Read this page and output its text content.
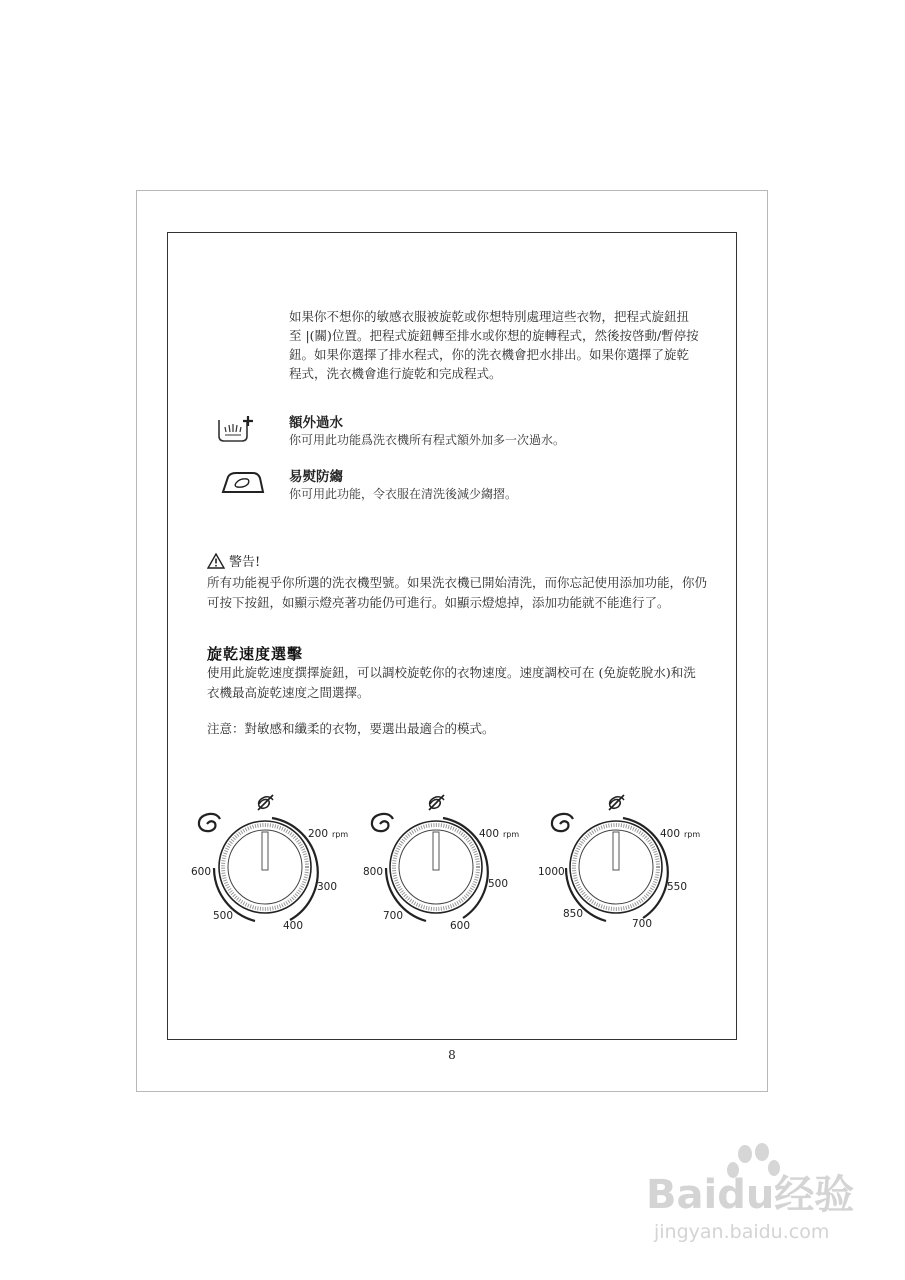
如果你不想你的敏感衣服被旋乾或你想特別處理這些衣物，把程式旋鈕扭至 |(關)位置。把程式旋鈕轉至排水或你想的旋轉程式，然後按啓動/暫停按鈕。如果你選擇了排水程式，你的洗衣機會把水排出。如果你選擇了旋乾程式，洗衣機會進行旋乾和完成程式。
額外過水
你可用此功能爲洗衣機所有程式額外加多一次過水。
易熨防縐
你可用此功能，令衣服在清洗後減少縐摺。
警告!
所有功能視乎你所選的洗衣機型號。如果洗衣機已開始清洗，而你忘記使用添加功能，你仍可按下按鈕，如顯示燈亮著功能仍可進行。如顯示燈熄掉，添加功能就不能進行了。
旋乾速度選擊
使用此旋乾速度撰擇旋鈕，可以調校旋乾你的衣物速度。速度調校可在 (免旋乾脫水)和洗衣機最高旋乾速度之間選擇。
注意：對敏感和纖柔的衣物，要選出最適合的模式。
200 rpm
300
400
500
600
400 rpm
500
600
700
800
400 rpm
550
700
850
1000
8
Baidu经验
jingyan.baidu.com
